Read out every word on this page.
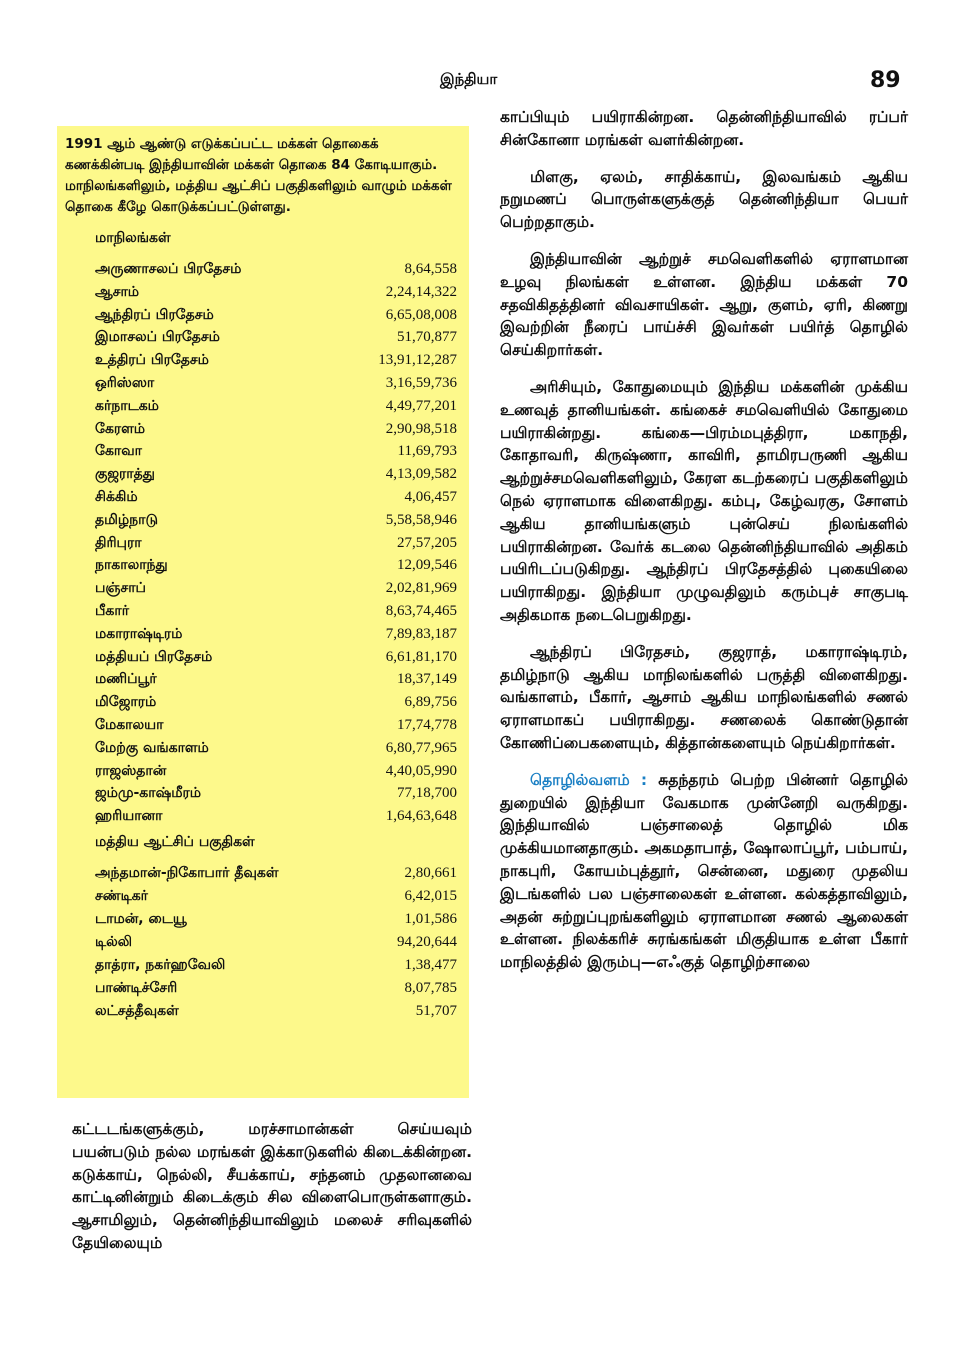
இந்தியா	89

1991 ஆம் ஆண்டு எடுக்கப்பட்ட மக்கள் தொகைக் கணக்கின்படி இந்தியாவின் மக்கள் தொகை 84 கோடியாகும். மாநிலங்களிலும், மத்திய ஆட்சிப் பகுதிகளிலும் வாழும் மக்கள் தொகை கீழே கொடுக்கப்பட்டுள்ளது.

மாநிலங்கள்
அருணாசலப் பிரதேசம்	8,64,558
ஆசாம்	2,24,14,322
ஆந்திரப் பிரதேசம்	6,65,08,008
இமாசலப் பிரதேசம்	51,70,877
உத்திரப் பிரதேசம்	13,91,12,287
ஒரிஸ்ஸா	3,16,59,736
கர்நாடகம்	4,49,77,201
கேரளம்	2,90,98,518
கோவா	11,69,793
குஜராத்து	4,13,09,582
சிக்கிம்	4,06,457
தமிழ்நாடு	5,58,58,946
திரிபுரா	27,57,205
நாகாலாந்து	12,09,546
பஞ்சாப்	2,02,81,969
பீகார்	8,63,74,465
மகாராஷ்டிரம்	7,89,83,187
மத்தியப் பிரதேசம்	6,61,81,170
மணிப்பூர்	18,37,149
மிஜோரம்	6,89,756
மேகாலயா	17,74,778
மேற்கு வங்காளம்	6,80,77,965
ராஜஸ்தான்	4,40,05,990
ஜம்மு-காஷ்மீரம்	77,18,700
ஹரியானா	1,64,63,648
மத்திய ஆட்சிப் பகுதிகள்
அந்தமான்-நிகோபார் தீவுகள்	2,80,661
சண்டிகர்	6,42,015
டாமன், டையூ	1,01,586
டில்லி	94,20,644
தாத்ரா, நகர்ஹவேலி	1,38,477
பாண்டிச்சேரி	8,07,785
லட்சத்தீவுகள்	51,707

காப்பியும் பயிராகின்றன. தென்னிந்தியாவில் ரப்பர் சின்கோனா மரங்கள் வளர்கின்றன.

மிளகு, ஏலம், சாதிக்காய், இலவங்கம் ஆகிய நறுமணப் பொருள்களுக்குத் தென்னிந்தியா பெயர் பெற்றதாகும்.

இந்தியாவின் ஆற்றுச் சமவெளிகளில் ஏராளமான உழவு நிலங்கள் உள்ளன. இந்திய மக்கள் 70 சதவிகிதத்தினர் விவசாயிகள். ஆறு, குளம், ஏரி, கிணறு இவற்றின் நீரைப் பாய்ச்சி இவர்கள் பயிர்த் தொழில் செய்கிறார்கள்.

அரிசியும், கோதுமையும் இந்திய மக்களின் முக்கிய உணவுத் தானியங்கள். கங்கைச் சமவெளியில் கோதுமை பயிராகின்றது. கங்கை—பிரம்மபுத்திரா, மகாநதி, கோதாவரி, கிருஷ்ணா, காவிரி, தாமிரபருணி ஆகிய ஆற்றுச்சமவெளிகளிலும், கேரள கடற்கரைப் பகுதிகளிலும் நெல் ஏராளமாக விளைகிறது. கம்பு, கேழ்வரகு, சோளம் ஆகிய தானியங்களும் புன்செய் நிலங்களில் பயிராகின்றன. வேர்க் கடலை தென்னிந்தியாவில் அதிகம் பயிரிடப்படுகிறது. ஆந்திரப் பிரதேசத்தில் புகையிலை பயிராகிறது. இந்தியா முழுவதிலும் கரும்புச் சாகுபடி அதிகமாக நடைபெறுகிறது.

ஆந்திரப் பிரேதசம், குஜராத், மகாராஷ்டிரம், தமிழ்நாடு ஆகிய மாநிலங்களில் பருத்தி விளைகிறது. வங்காளம், பீகார், ஆசாம் ஆகிய மாநிலங்களில் சணல் ஏராளமாகப் பயிராகிறது. சணலைக் கொண்டுதான் கோணிப்பைகளையும், கித்தான்களையும் நெய்கிறார்கள்.

தொழில்வளம் : சுதந்தரம் பெற்ற பின்னர் தொழில் துறையில் இந்தியா வேகமாக முன்னேறி வருகிறது. இந்தியாவில் பஞ்சாலைத் தொழில் மிக முக்கியமானதாகும். அகமதாபாத், ஷோலாப்பூர், பம்பாய், நாகபுரி, கோயம்புத்தூர், சென்னை, மதுரை முதலிய இடங்களில் பல பஞ்சாலைகள் உள்ளன. கல்கத்தாவிலும், அதன் சுற்றுப்புறங்களிலும் ஏராளமான சணல் ஆலைகள் உள்ளன. நிலக்கரிச் சுரங்கங்கள் மிகுதியாக உள்ள பீகார் மாநிலத்தில் இரும்பு—எஃகுத் தொழிற்சாலை

கட்டடங்களுக்கும், மரச்சாமான்கள் செய்யவும் பயன்படும் நல்ல மரங்கள் இக்காடுகளில் கிடைக்கின்றன. கடுக்காய், நெல்லி, சீயக்காய், சந்தனம் முதலானவை காட்டினின்றும் கிடைக்கும் சில விளைபொருள்களாகும். ஆசாமிலும், தென்னிந்தியாவிலும் மலைச் சரிவுகளில் தேயிலையும்
